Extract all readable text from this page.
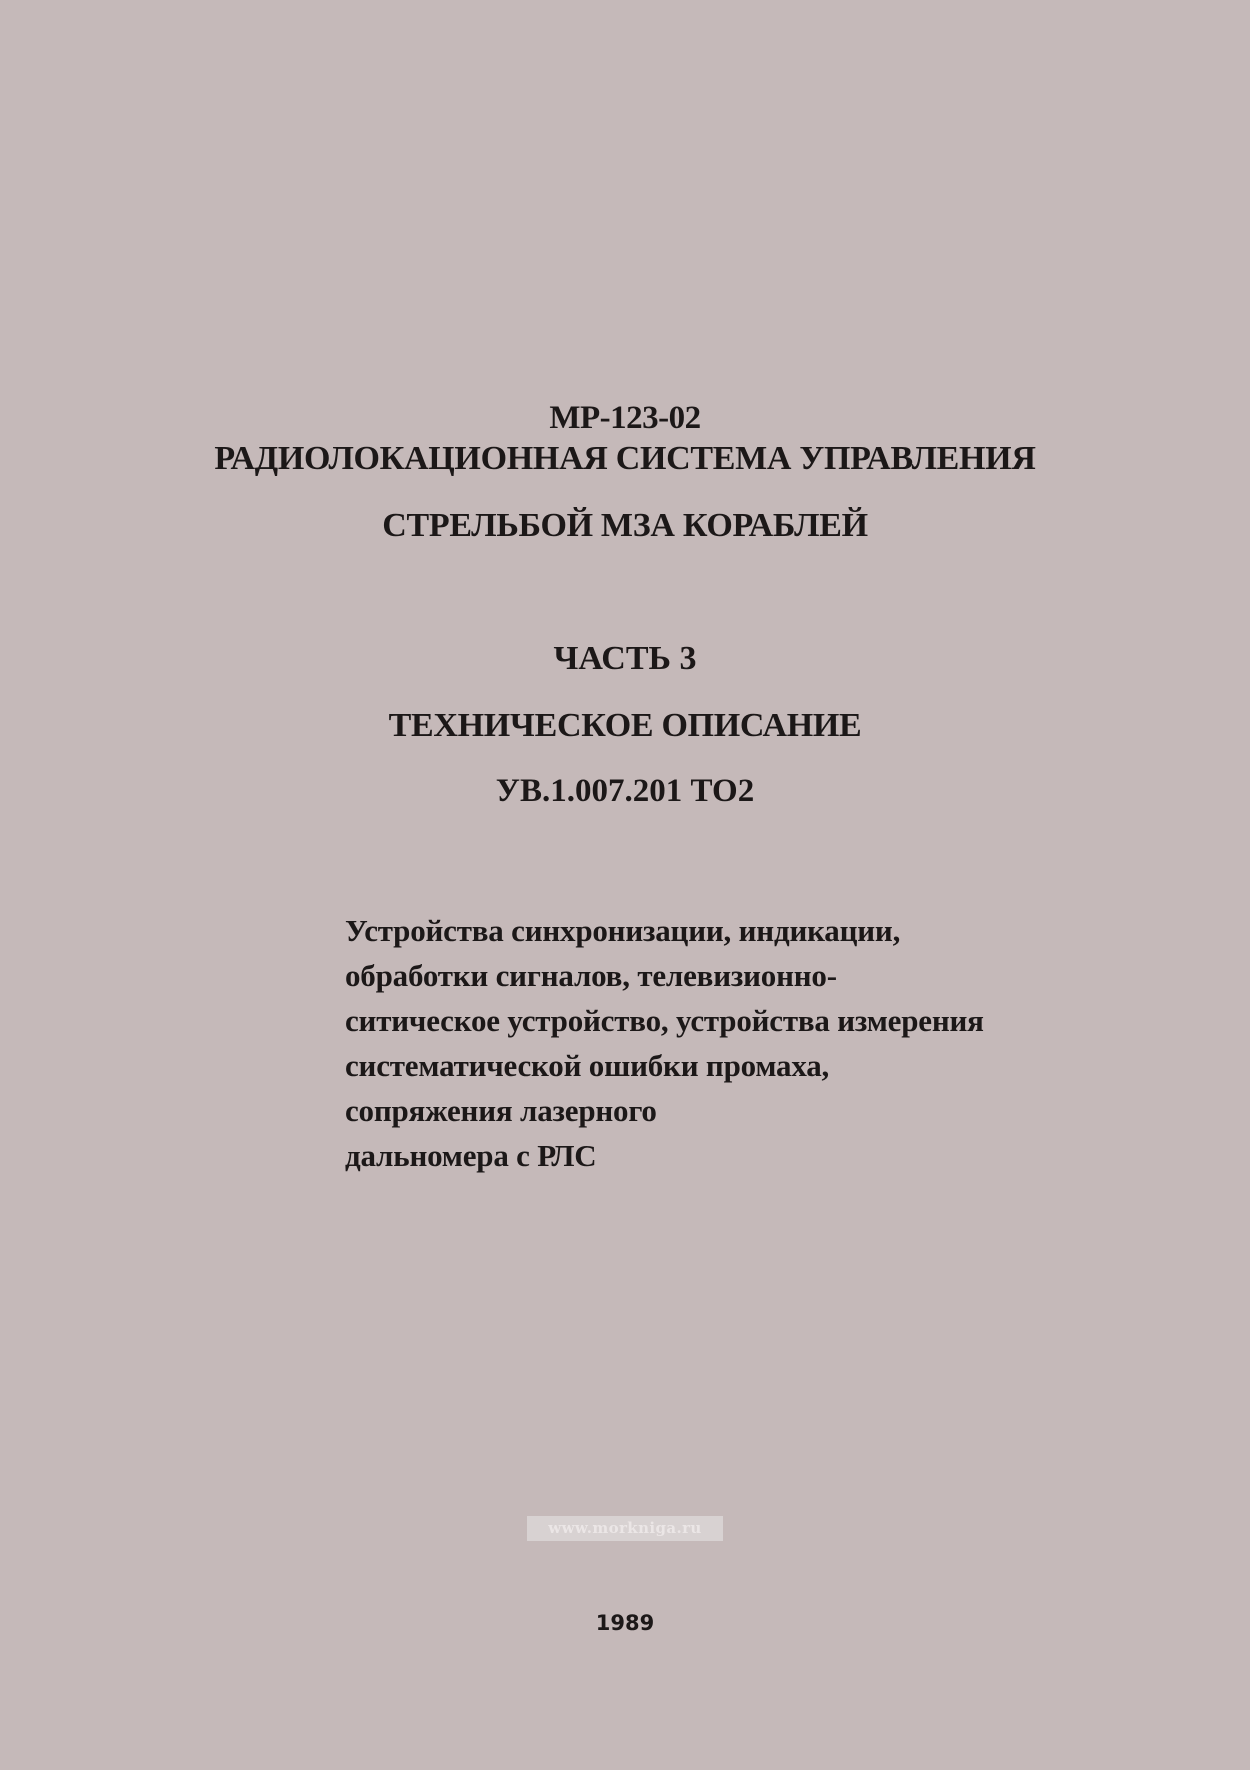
МР-123-02
РАДИОЛОКАЦИОННАЯ СИСТЕМА УПРАВЛЕНИЯ
СТРЕЛЬБОЙ МЗА КОРАБЛЕЙ
ЧАСТЬ 3
ТЕХНИЧЕСКОЕ ОПИСАНИЕ
УВ.1.007.201 ТО2
Устройства синхронизации, индикации,
обработки сигналов, телевизионно-
ситическое устройство, устройства измерения
систематической ошибки промаха,
сопряжения лазерного
дальномера с РЛС
www.morkniga.ru
1989
